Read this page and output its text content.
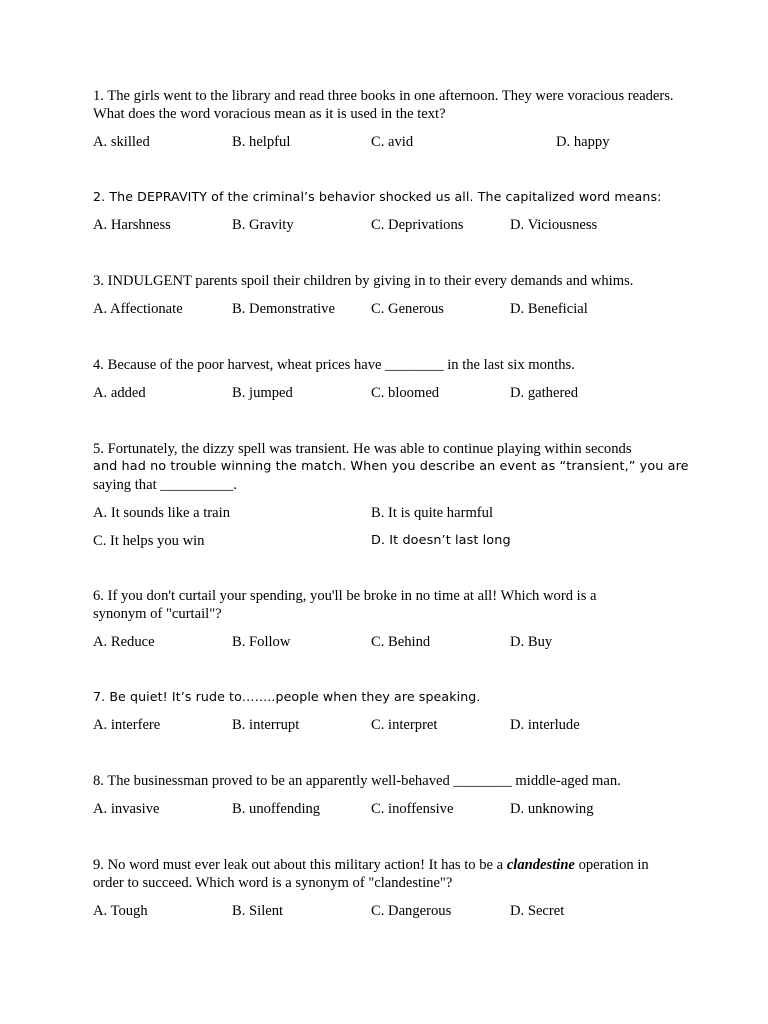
1. The girls went to the library and read three books in one afternoon. They were voracious readers. What does the word voracious mean as it is used in the text?

A. skilled	B. helpful	C. avid	D. happy

2. The DEPRAVITY of the criminal’s behavior shocked us all. The capitalized word means:

A. Harshness	B. Gravity	C. Deprivations	D. Viciousness

3. INDULGENT parents spoil their children by giving in to their every demands and whims.

A. Affectionate	B. Demonstrative C. Generous	D. Beneficial

4. Because of the poor harvest, wheat prices have ________ in the last six months.

A. added	B. jumped	C. bloomed	D. gathered
5. Fortunately, the dizzy spell was transient. He was able to continue playing within seconds
and had no trouble winning the match. When you describe an event as “transient,” you are
saying that __________.
A. It sounds like a train	B. It is quite harmful
C. It helps you win	D. It doesn’t last long

6. If you don't curtail your spending, you'll be broke in no time at all! Which word is a synonym of "curtail"?

A. Reduce	B. Follow	C. Behind	D. Buy

7. Be quiet! It’s rude to……..people when they are speaking.

A. interfere	B. interrupt	C. interpret	D. interlude

8. The businessman proved to be an apparently well-behaved ________ middle-aged man.

A. invasive	B. unoffending	C. inoffensive	D. unknowing

9. No word must ever leak out about this military action! It has to be a clandestine operation in order to succeed. Which word is a synonym of "clandestine"?

A. Tough	B. Silent	C. Dangerous	D. Secret
